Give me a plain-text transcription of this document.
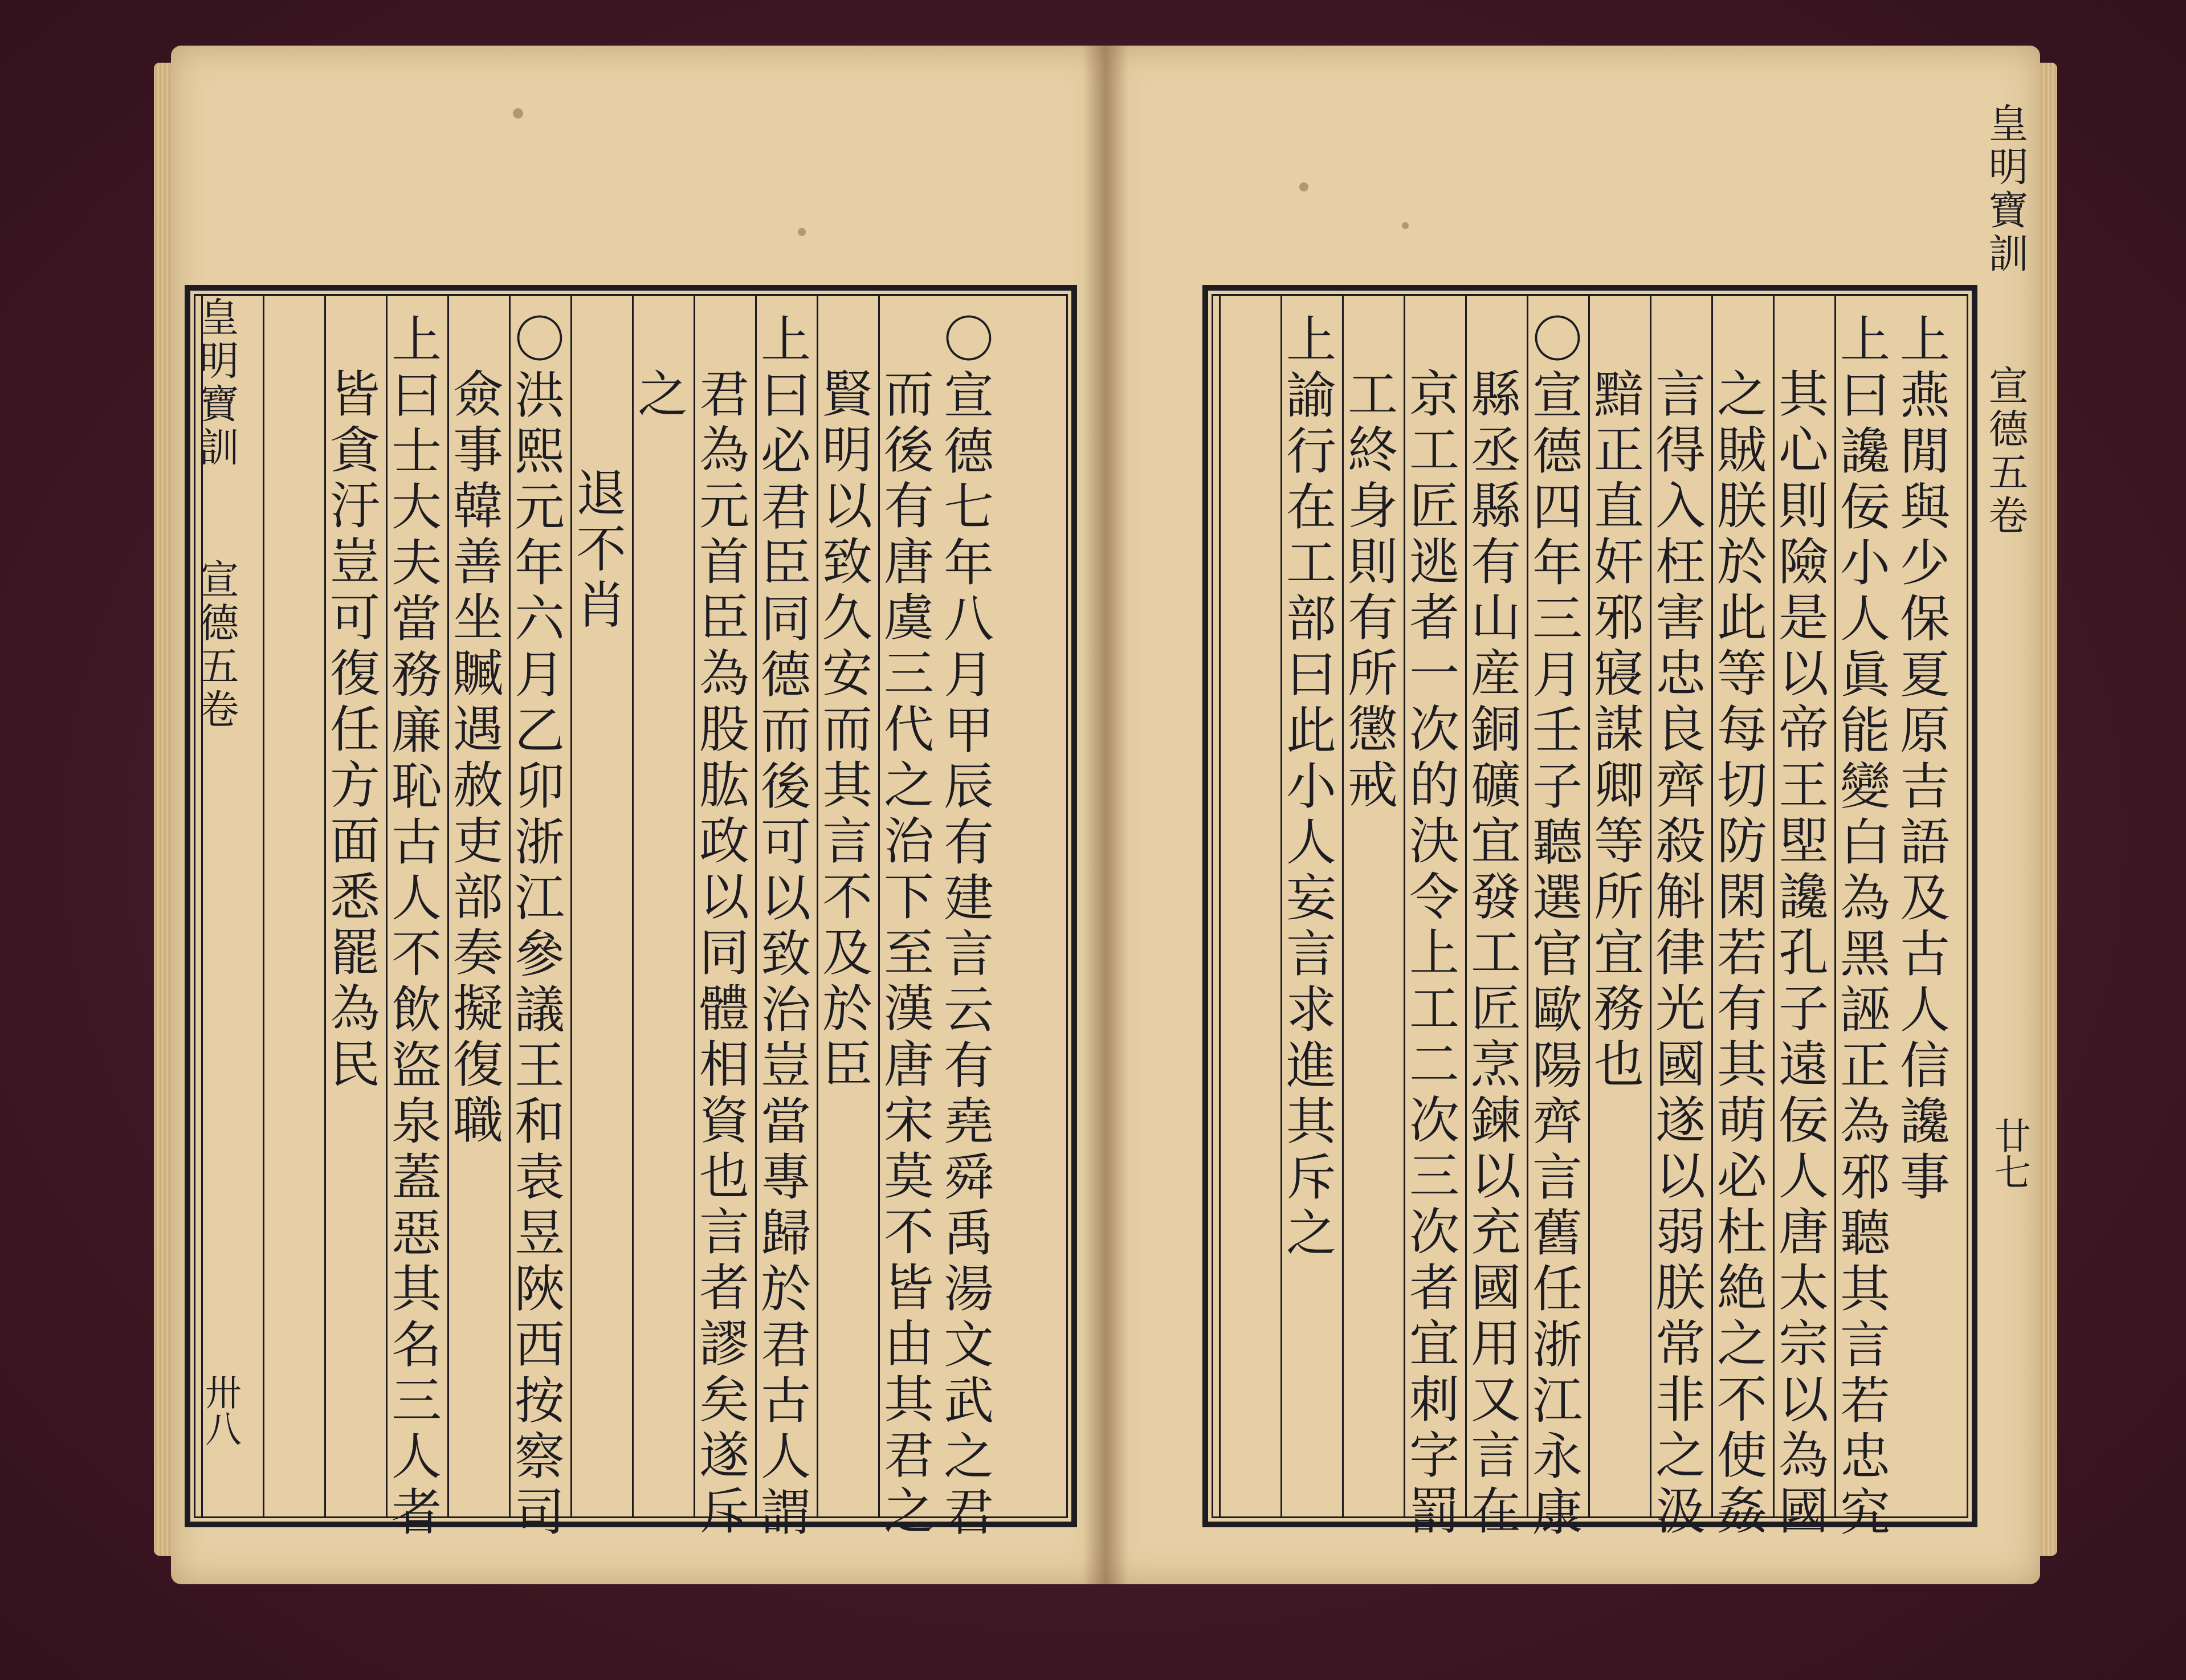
皇明寶訓
宣德五卷
卅八	〇宣德七年八月甲辰有建言云有堯舜禹湯文武之君
而後有唐虞三代之治下至漢唐宋莫不皆由其君之
賢明以致久安而其言不及於臣
上曰必君臣同德而後可以致治豈當專歸於君古人謂
君為元首臣為股肱政以同體相資也言者謬矣遂斥
之
退不肖
〇洪熙元年六月乙卯浙江參議王和袁昱陜西按察司
僉事韓善坐贓遇赦吏部奏擬復職
上曰士大夫當務廉恥古人不飲盜泉蓋惡其名三人者
皆貪汙豈可復任方面悉罷為民
皇明寶訓
宣德五卷
廿七
上燕閒與少保夏原吉語及古人信讒事
上曰讒佞小人眞能變白為黑誣正為邪聽其言若忠究
其心則險是以帝王堲讒孔子遠佞人唐太宗以為國
之賊朕於此等每切防閑若有其萌必杜絶之不使姦
言得入枉害忠良齊殺斛律光國遂以弱朕常非之汲
黯正直奸邪寢謀卿等所宜務也
〇宣德四年三月壬子聽選官歐陽齊言舊任浙江永康
縣丞縣有山産銅礦宜發工匠烹鍊以充國用又言在
京工匠逃者一次的決令上工二次三次者宜刺字罰
工終身則有所懲戒
上諭行在工部曰此小人妄言求進其斥之
